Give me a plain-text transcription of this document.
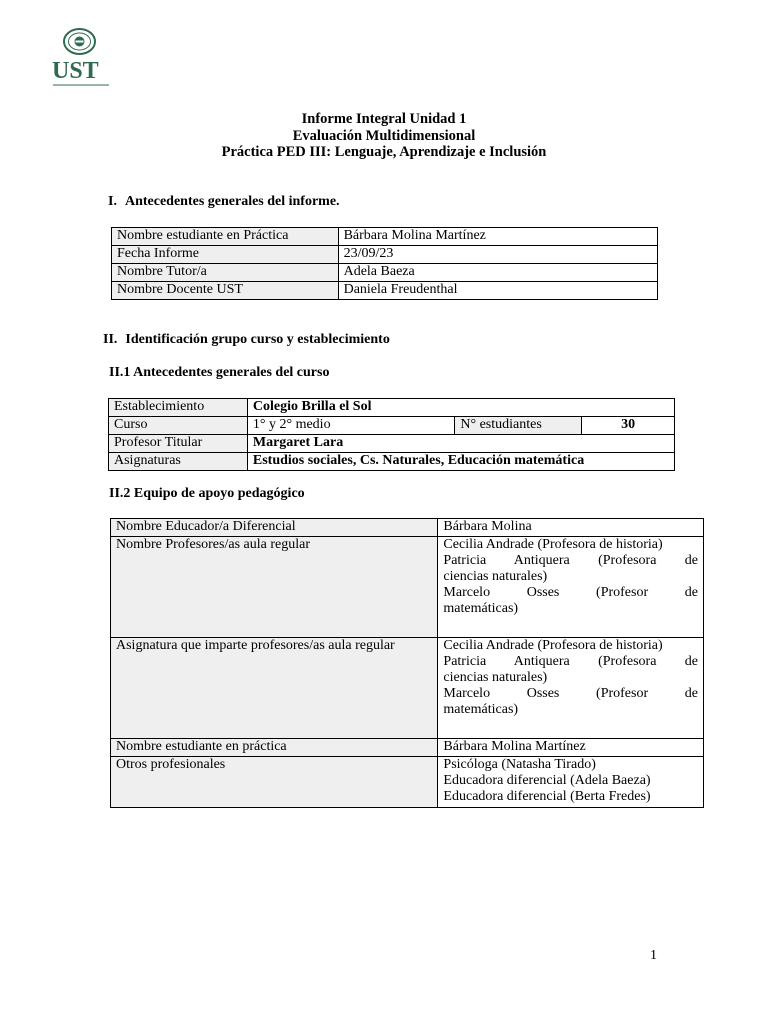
UST
Informe Integral Unidad 1
Evaluación Multidimensional
Práctica PED III: Lenguaje, Aprendizaje e Inclusión
I. Antecedentes generales del informe.
Nombre estudiante en Práctica	Bárbara Molina Martínez
Fecha Informe	23/09/23
Nombre Tutor/a	Adela Baeza
Nombre Docente UST	Daniela Freudenthal
II. Identificación grupo curso y establecimiento
II.1 Antecedentes generales del curso
Establecimiento	Colegio Brilla el Sol		
Curso	1° y 2° medio	N° estudiantes	30
Profesor Titular	Margaret Lara		
Asignaturas	Estudios sociales, Cs. Naturales, Educación matemática		
II.2 Equipo de apoyo pedagógico
Nombre Educador/a Diferencial	Bárbara Molina
Nombre Profesores/as aula regular	Cecilia Andrade (Profesora de historia)
Patricia Antiquera (Profesora de
ciencias naturales)
Marcelo Osses (Profesor de
matemáticas)

Asignatura que imparte profesores/as aula regular	Cecilia Andrade (Profesora de historia)
Patricia Antiquera (Profesora de
ciencias naturales)
Marcelo Osses (Profesor de
matemáticas)

Nombre estudiante en práctica	Bárbara Molina Martínez
Otros profesionales	Psicóloga (Natasha Tirado)
Educadora diferencial (Adela Baeza)
Educadora diferencial (Berta Fredes)
1
